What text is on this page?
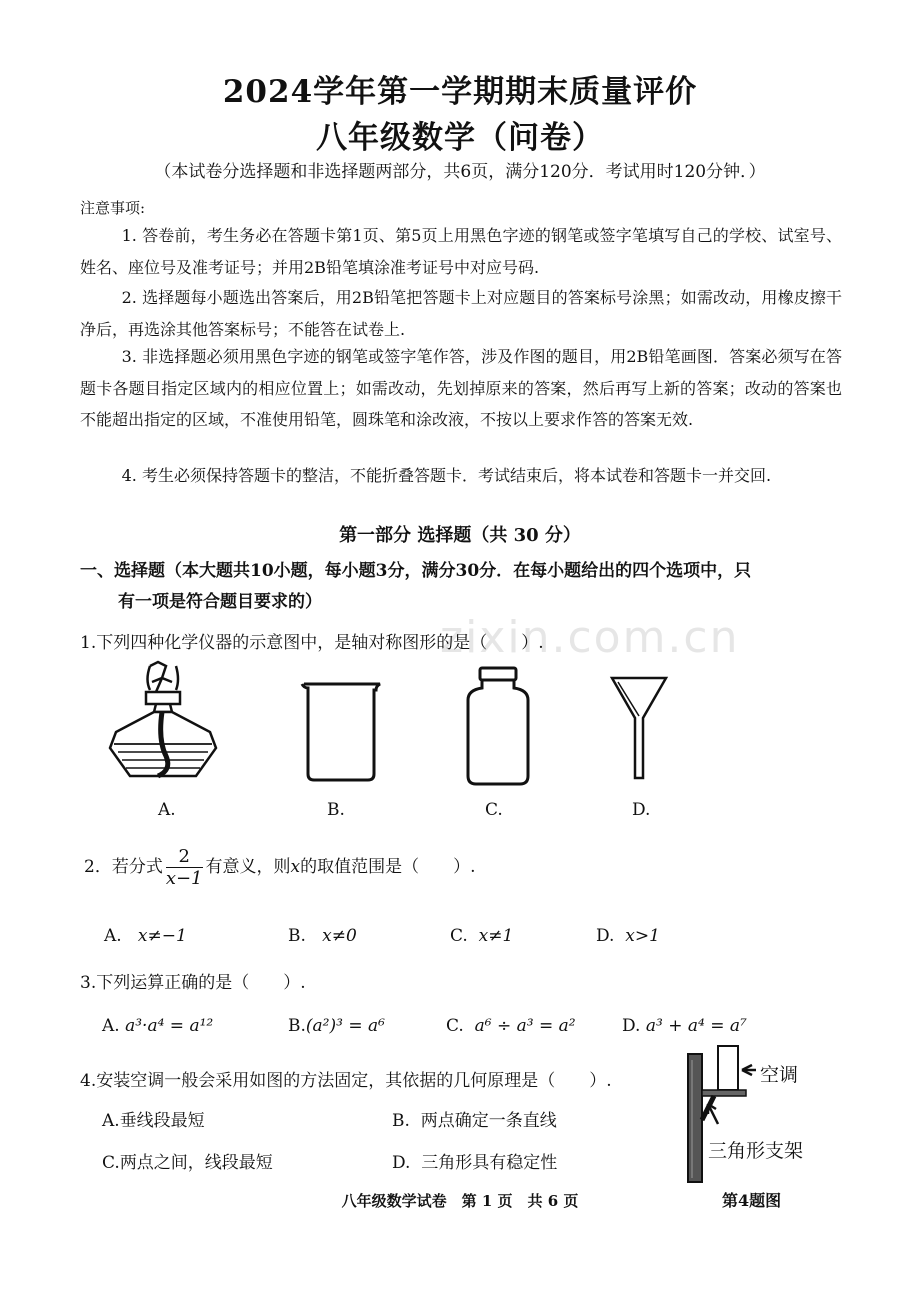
zixin.com.cn
2024学年第一学期期末质量评价
八年级数学（问卷）
（本试卷分选择题和非选择题两部分，共6页，满分120分．考试用时120分钟．）
注意事项:
1. 答卷前，考生务必在答题卡第1页、第5页上用黑色字迹的钢笔或签字笔填写自己的学校、试室号、姓名、座位号及准考证号；并用2B铅笔填涂准考证号中对应号码.
2. 选择题每小题选出答案后，用2B铅笔把答题卡上对应题目的答案标号涂黑；如需改动，用橡皮擦干净后，再选涂其他答案标号；不能答在试卷上.
3. 非选择题必须用黑色字迹的钢笔或签字笔作答，涉及作图的题目，用2B铅笔画图．答案必须写在答题卡各题目指定区域内的相应位置上；如需改动，先划掉原来的答案，然后再写上新的答案；改动的答案也不能超出指定的区域，不准使用铅笔，圆珠笔和涂改液，不按以上要求作答的答案无效.
4. 考生必须保持答题卡的整洁，不能折叠答题卡．考试结束后，将本试卷和答题卡一并交回.
第一部分 选择题（共 30 分）
一、选择题（本大题共10小题，每小题3分，满分30分．在每小题给出的四个选项中，只
有一项是符合题目要求的）
1.下列四种化学仪器的示意图中，是轴对称图形的是（　　）.
A.	B.	C.	D.
2．若分式 $\frac{2}{x-1}$ 有意义，则x的取值范围是（　　）.
A. x≠−1	B. x≠0	C. x≠1	D. x>1
3.下列运算正确的是（　　）.
A. a³·a⁴ = a¹²	B.(a²)³ = a⁶	C. a⁶ ÷ a³ = a²	D. a³ + a⁴ = a⁷
4.安装空调一般会采用如图的方法固定，其依据的几何原理是（　　）.
A.垂线段最短	B. 两点确定一条直线
C.两点之间，线段最短	D. 三角形具有稳定性
空调
三角形支架
第4题图
八年级数学试卷　第 1 页　共 6 页
